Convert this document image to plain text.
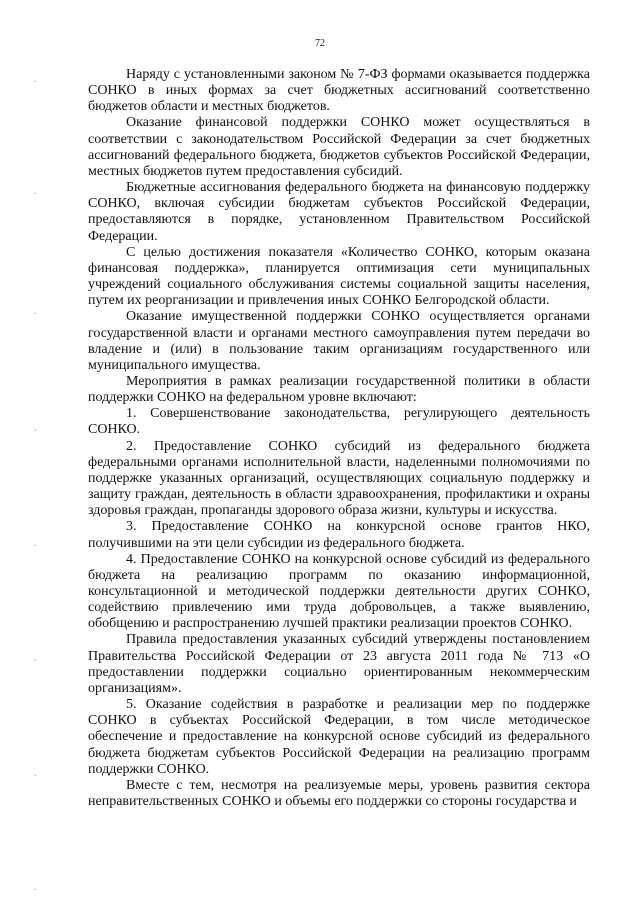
72
ˎ
ˎ
ˎ
ˎ
ˎ
ˎ
ˎ
ˎ

Наряду с установленными законом № 7-ФЗ формами оказывается поддержка СОНКО в иных формах за счет бюджетных ассигнований соответственно бюджетов области и местных бюджетов.

Оказание финансовой поддержки СОНКО может осуществляться в соответствии с законодательством Российской Федерации за счет бюджетных ассигнований федерального бюджета, бюджетов субъектов Российской Федерации, местных бюджетов путем предоставления субсидий.

Бюджетные ассигнования федерального бюджета на финансовую поддержку СОНКО, включая субсидии бюджетам субъектов Российской Федерации, предоставляются в порядке, установленном Правительством Российской Федерации.

С целью достижения показателя «Количество СОНКО, которым оказана финансовая поддержка», планируется оптимизация сети муниципальных учреждений социального обслуживания системы социальной защиты населения, путем их реорганизации и привлечения иных СОНКО Белгородской области.

Оказание имущественной поддержки СОНКО осуществляется органами государственной власти и органами местного самоуправления путем передачи во владение и (или) в пользование таким организациям государственного или муниципального имущества.

Мероприятия в рамках реализации государственной политики в области поддержки СОНКО на федеральном уровне включают:

1. Совершенствование законодательства, регулирующего деятельность СОНКО.

2. Предоставление СОНКО субсидий из федерального бюджета федеральными органами исполнительной власти, наделенными полномочиями по поддержке указанных организаций, осуществляющих социальную поддержку и защиту граждан, деятельность в области здравоохранения, профилактики и охраны здоровья граждан, пропаганды здорового образа жизни, культуры и искусства.

3. Предоставление СОНКО на конкурсной основе грантов НКО, получившими на эти цели субсидии из федерального бюджета.

4. Предоставление СОНКО на конкурсной основе субсидий из федерального бюджета на реализацию программ по оказанию информационной, консультационной и методической поддержки деятельности других СОНКО, содействию привлечению ими труда добровольцев, а также выявлению, обобщению и распространению лучшей практики реализации проектов СОНКО.

Правила предоставления указанных субсидий утверждены постановлением Правительства Российской Федерации от 23 августа 2011 года № 713 «О предоставлении поддержки социально ориентированным некоммерческим организациям».

5. Оказание содействия в разработке и реализации мер по поддержке СОНКО в субъектах Российской Федерации, в том числе методическое обеспечение и предоставление на конкурсной основе субсидий из федерального бюджета бюджетам субъектов Российской Федерации на реализацию программ поддержки СОНКО.

Вместе с тем, несмотря на реализуемые меры, уровень развития сектора неправительственных СОНКО и объемы его поддержки со стороны государства и
